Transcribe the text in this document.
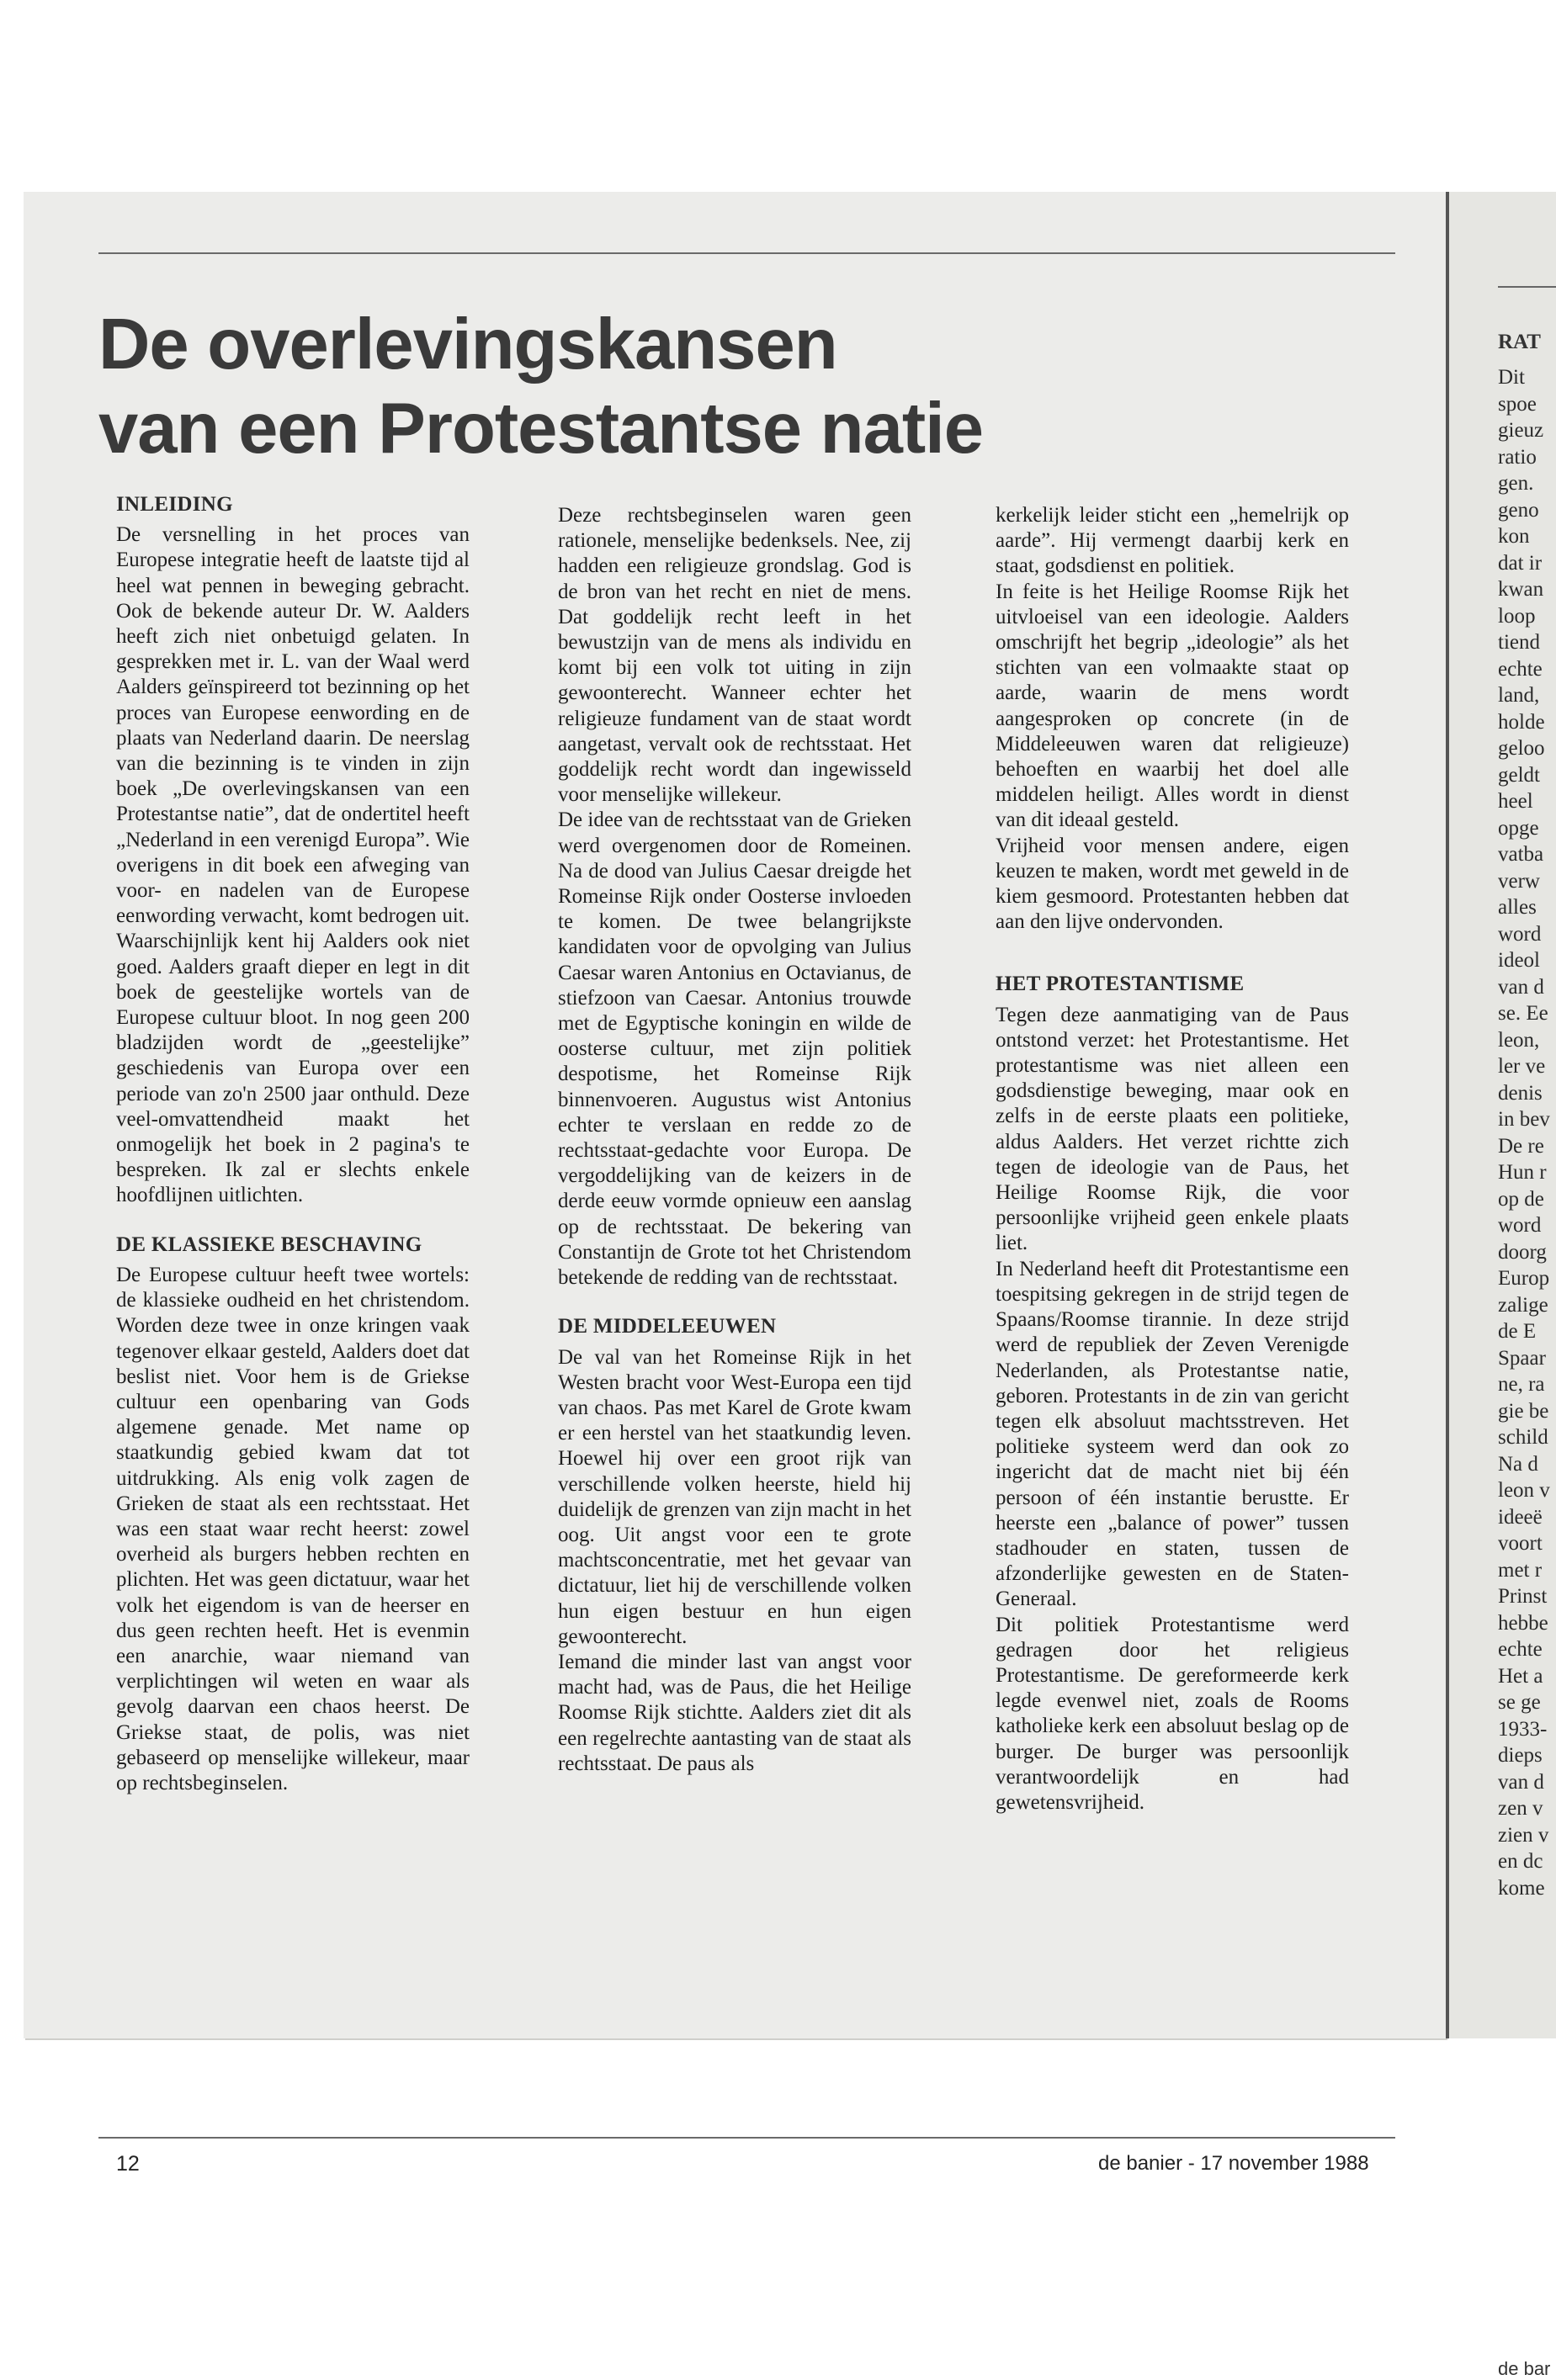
De overlevingskansen
van een Protestantse natie
INLEIDING

De versnelling in het proces van Europese integratie heeft de laatste tijd al heel wat pennen in beweging gebracht. Ook de bekende auteur Dr. W. Aalders heeft zich niet onbetuigd gelaten. In gesprekken met ir. L. van der Waal werd Aalders geïnspireerd tot bezinning op het proces van Europese eenwording en de plaats van Nederland daarin. De neerslag van die bezinning is te vinden in zijn boek „De overlevingskansen van een Protestantse natie”, dat de ondertitel heeft „Nederland in een verenigd Europa”. Wie overigens in dit boek een afweging van voor- en nadelen van de Europese eenwording verwacht, komt bedrogen uit. Waarschijnlijk kent hij Aalders ook niet goed. Aalders graaft dieper en legt in dit boek de geestelijke wortels van de Europese cultuur bloot. In nog geen 200 bladzijden wordt de „geestelijke” geschiedenis van Europa over een periode van zo'n 2500 jaar onthuld. Deze veel-omvattendheid maakt het onmogelijk het boek in 2 pagina's te bespreken. Ik zal er slechts enkele hoofdlijnen uitlichten.

DE KLASSIEKE BESCHAVING

De Europese cultuur heeft twee wortels: de klassieke oudheid en het christendom. Worden deze twee in onze kringen vaak tegenover elkaar gesteld, Aalders doet dat beslist niet. Voor hem is de Griekse cultuur een openbaring van Gods algemene genade. Met name op staatkundig gebied kwam dat tot uitdrukking. Als enig volk zagen de Grieken de staat als een rechtsstaat. Het was een staat waar recht heerst: zowel overheid als burgers hebben rechten en plichten. Het was geen dictatuur, waar het volk het eigendom is van de heerser en dus geen rechten heeft. Het is evenmin een anarchie, waar niemand van verplichtingen wil weten en waar als gevolg daarvan een chaos heerst. De Griekse staat, de polis, was niet gebaseerd op menselijke willekeur, maar op rechtsbeginselen.

Deze rechtsbeginselen waren geen rationele, menselijke bedenksels. Nee, zij hadden een religieuze grondslag. God is de bron van het recht en niet de mens. Dat goddelijk recht leeft in het bewustzijn van de mens als individu en komt bij een volk tot uiting in zijn gewoonterecht. Wanneer echter het religieuze fundament van de staat wordt aangetast, vervalt ook de rechtsstaat. Het goddelijk recht wordt dan ingewisseld voor menselijke willekeur.

De idee van de rechtsstaat van de Grieken werd overgenomen door de Romeinen. Na de dood van Julius Caesar dreigde het Romeinse Rijk onder Oosterse invloeden te komen. De twee belangrijkste kandidaten voor de opvolging van Julius Caesar waren Antonius en Octavianus, de stiefzoon van Caesar. Antonius trouwde met de Egyptische koningin en wilde de oosterse cultuur, met zijn politiek despotisme, het Romeinse Rijk binnenvoeren. Augustus wist Antonius echter te verslaan en redde zo de rechtsstaat-gedachte voor Europa. De vergoddelijking van de keizers in de derde eeuw vormde opnieuw een aanslag op de rechtsstaat. De bekering van Constantijn de Grote tot het Christendom betekende de redding van de rechtsstaat.

DE MIDDELEEUWEN

De val van het Romeinse Rijk in het Westen bracht voor West-Europa een tijd van chaos. Pas met Karel de Grote kwam er een herstel van het staatkundig leven. Hoewel hij over een groot rijk van verschillende volken heerste, hield hij duidelijk de grenzen van zijn macht in het oog. Uit angst voor een te grote machtsconcentratie, met het gevaar van dictatuur, liet hij de verschillende volken hun eigen bestuur en hun eigen gewoonterecht.

Iemand die minder last van angst voor macht had, was de Paus, die het Heilige Roomse Rijk stichtte. Aalders ziet dit als een regelrechte aantasting van de staat als rechtsstaat. De paus als

kerkelijk leider sticht een „hemelrijk op aarde”. Hij vermengt daarbij kerk en staat, godsdienst en politiek.

In feite is het Heilige Roomse Rijk het uitvloeisel van een ideologie. Aalders omschrijft het begrip „ideologie” als het stichten van een volmaakte staat op aarde, waarin de mens wordt aangesproken op concrete (in de Middeleeuwen waren dat religieuze) behoeften en waarbij het doel alle middelen heiligt. Alles wordt in dienst van dit ideaal gesteld.

Vrijheid voor mensen andere, eigen keuzen te maken, wordt met geweld in de kiem gesmoord. Protestanten hebben dat aan den lijve ondervonden.

HET PROTESTANTISME

Tegen deze aanmatiging van de Paus ontstond verzet: het Protestantisme. Het protestantisme was niet alleen een godsdienstige beweging, maar ook en zelfs in de eerste plaats een politieke, aldus Aalders. Het verzet richtte zich tegen de ideologie van de Paus, het Heilige Roomse Rijk, die voor persoonlijke vrijheid geen enkele plaats liet.

In Nederland heeft dit Protestantisme een toespitsing gekregen in de strijd tegen de Spaans/Roomse tirannie. In deze strijd werd de republiek der Zeven Verenigde Nederlanden, als Protestantse natie, geboren. Protestants in de zin van gericht tegen elk absoluut machtsstreven. Het politieke systeem werd dan ook zo ingericht dat de macht niet bij één persoon of één instantie berustte. Er heerste een „balance of power” tussen stadhouder en staten, tussen de afzonderlijke gewesten en de Staten-Generaal.

Dit politiek Protestantisme werd gedragen door het religieus Protestantisme. De gereformeerde kerk legde evenwel niet, zoals de Rooms katholieke kerk een absoluut beslag op de burger. De burger was persoonlijk verantwoordelijk en had gewetensvrijheid.

12	de banier - 17 november 1988
RAT
Dit
spoe
gieuz
ratio
gen.
geno
kon
dat ir
kwan
loop
tiend
echte
land,
holde
geloo
geldt
heel
opge
vatba
verw
alles
word
ideol
van d
se. Ee
leon,
ler ve
denis
in bev
De re
Hun r
op de
word
doorg
Europ
zalige
de E
Spaar
ne, ra
gie be
schild
Na d
leon v
ideeë
voort
met r
Prinst
hebbe
echte
Het a
se ge
1933-
dieps
van d
zen v
zien v
en dc
kome
de bar
